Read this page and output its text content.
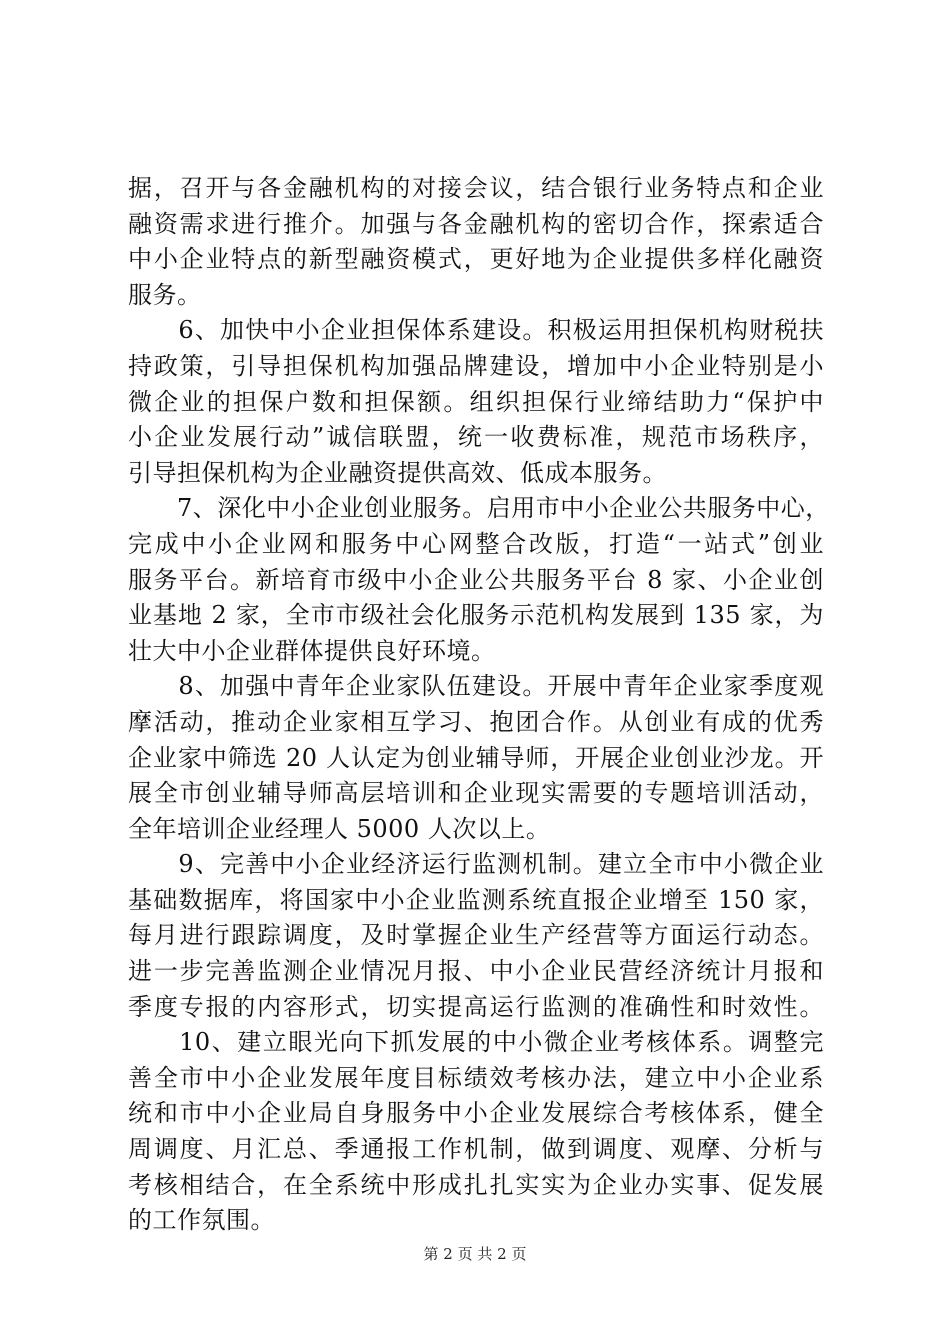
据，召开与各金融机构的对接会议，结合银行业务特点和企业
融资需求进行推介。加强与各金融机构的密切合作，探索适合
中小企业特点的新型融资模式，更好地为企业提供多样化融资
服务。
　　6、加快中小企业担保体系建设。积极运用担保机构财税扶
持政策，引导担保机构加强品牌建设，增加中小企业特别是小
微企业的担保户数和担保额。组织担保行业缔结助力“保护中
小企业发展行动”诚信联盟，统一收费标准，规范市场秩序，
引导担保机构为企业融资提供高效、低成本服务。
　　7、深化中小企业创业服务。启用市中小企业公共服务中心，
完成中小企业网和服务中心网整合改版，打造“一站式”创业
服务平台。新培育市级中小企业公共服务平台 8 家、小企业创
业基地 2 家，全市市级社会化服务示范机构发展到 135 家，为
壮大中小企业群体提供良好环境。
　　8、加强中青年企业家队伍建设。开展中青年企业家季度观
摩活动，推动企业家相互学习、抱团合作。从创业有成的优秀
企业家中筛选 20 人认定为创业辅导师，开展企业创业沙龙。开
展全市创业辅导师高层培训和企业现实需要的专题培训活动，
全年培训企业经理人 5000 人次以上。
　　9、完善中小企业经济运行监测机制。建立全市中小微企业
基础数据库，将国家中小企业监测系统直报企业增至 150 家，
每月进行跟踪调度，及时掌握企业生产经营等方面运行动态。
进一步完善监测企业情况月报、中小企业民营经济统计月报和
季度专报的内容形式，切实提高运行监测的准确性和时效性。
　　10、建立眼光向下抓发展的中小微企业考核体系。调整完
善全市中小企业发展年度目标绩效考核办法，建立中小企业系
统和市中小企业局自身服务中小企业发展综合考核体系，健全
周调度、月汇总、季通报工作机制，做到调度、观摩、分析与
考核相结合，在全系统中形成扎扎实实为企业办实事、促发展
的工作氛围。
第 2 页 共 2 页
